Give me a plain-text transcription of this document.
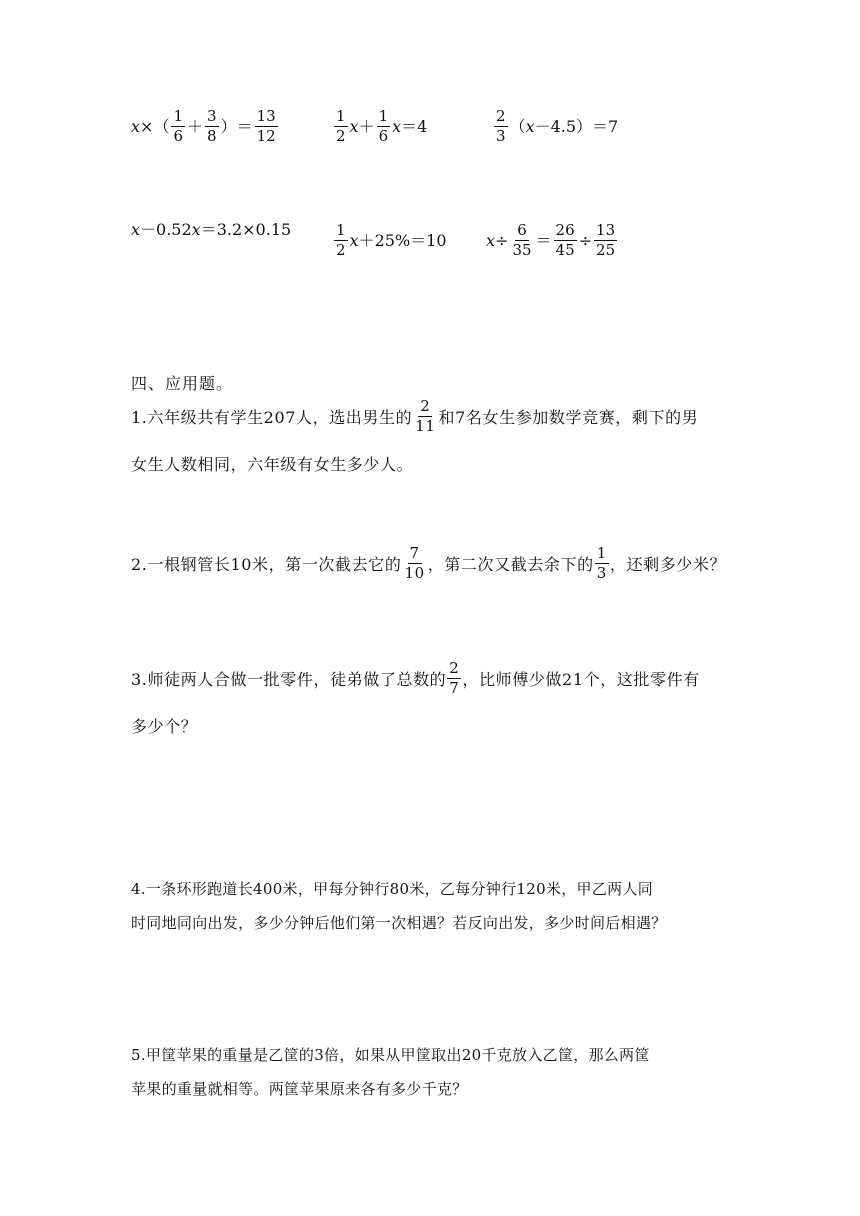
x ×（ $\frac{1}{6} + \frac{3}{8}$ ）＝ $\frac{13}{12}$	$\frac{1}{2}$ $x + \frac{1}{6}$ x ＝4	$\frac{2}{3}$ （ x －4.5）＝7
x －0.52 x ＝3.2×0.15	$\frac{1}{2}$ x ＋25%＝10 $x \div \frac{6}{35} = \frac{26}{45} \div \frac{13}{25}$
四、应用题。
1.六年级共有学生207人，选出男生的 $\frac{2}{11}$ 和7名女生参加数学竞赛，剩下的男
女生人数相同，六年级有女生多少人。
2.一根钢管长10米，第一次截去它的 $\frac{7}{10}$ ，第二次又截去余下的 $\frac{1}{3}$ ，还剩多少米？
3.师徒两人合做一批零件，徒弟做了总数的 $\frac{2}{7}$ ，比师傅少做21个，这批零件有
多少个？
4.一条环形跑道长400米，甲每分钟行80米，乙每分钟行120米，甲乙两人同
时同地同向出发，多少分钟后他们第一次相遇？若反向出发，多少时间后相遇？
5.甲筐苹果的重量是乙筐的3倍，如果从甲筐取出20千克放入乙筐，那么两筐
苹果的重量就相等。两筐苹果原来各有多少千克？
